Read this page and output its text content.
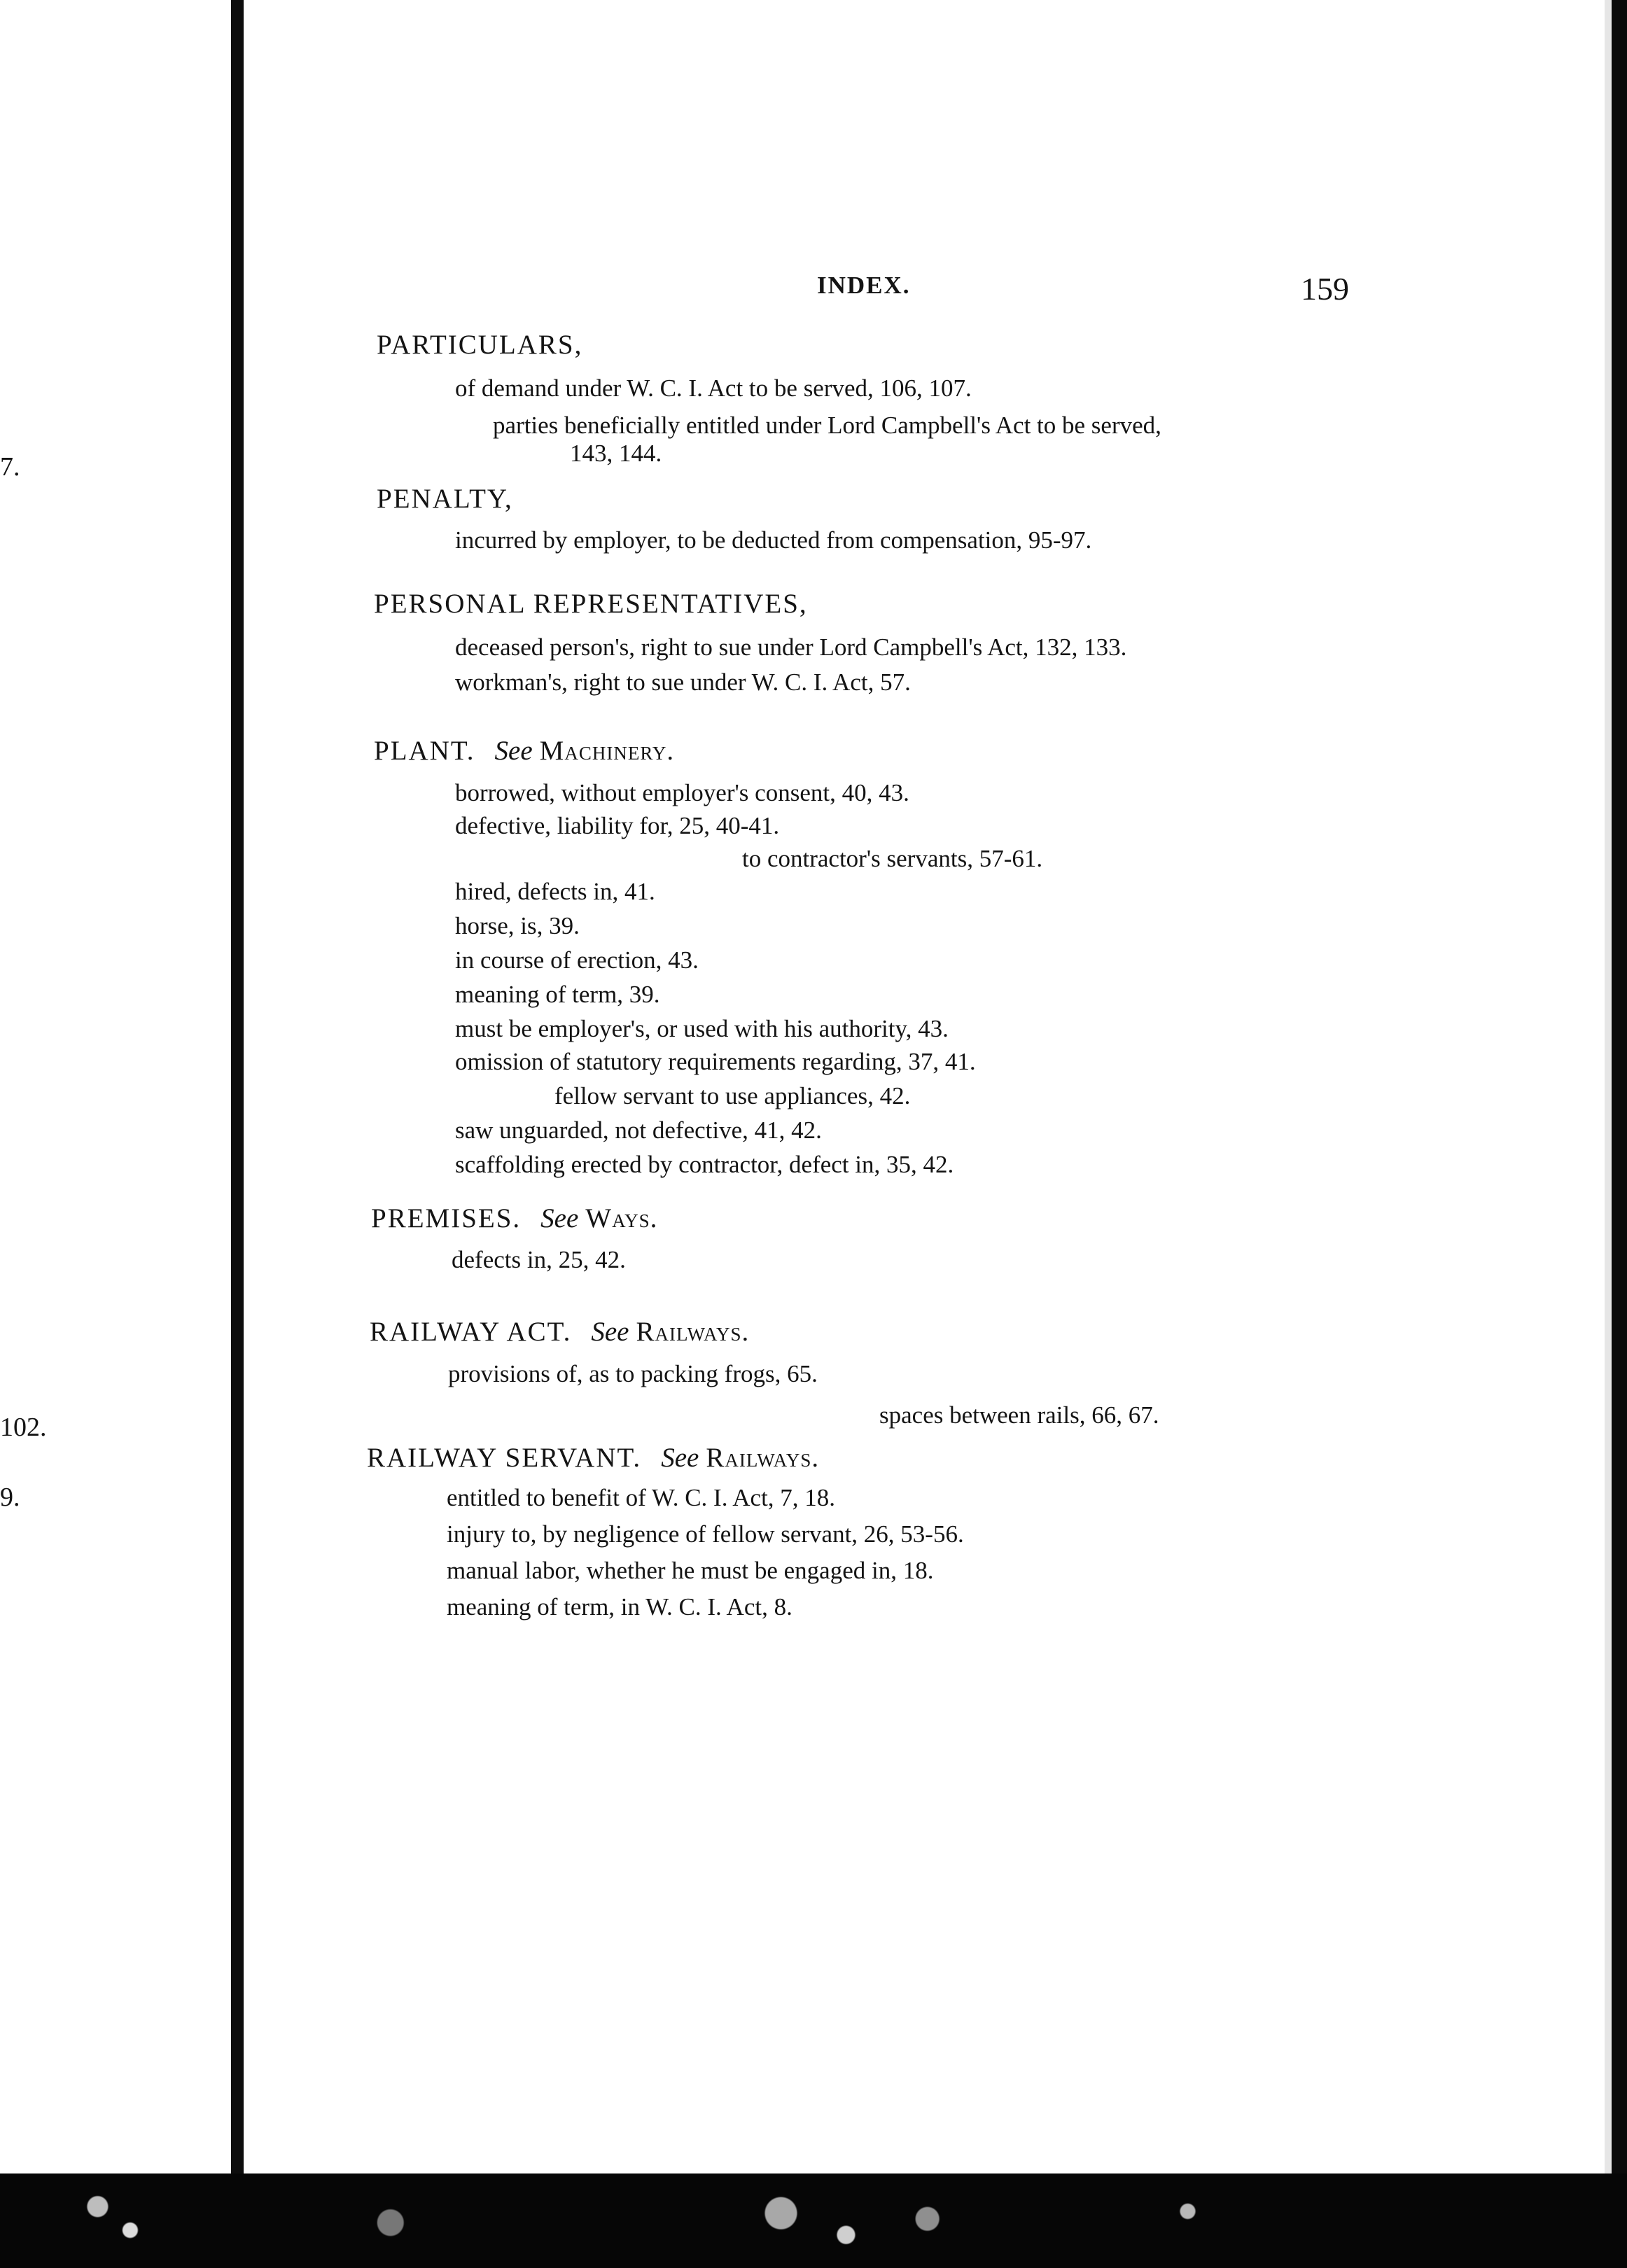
7.
102.
9.
INDEX.	159
PARTICULARS,
of demand under W. C. I. Act to be served, 106, 107.
parties beneficially entitled under Lord Campbell's Act to be served,
143, 144.
PENALTY,
incurred by employer, to be deducted from compensation, 95-97.
PERSONAL REPRESENTATIVES,
deceased person's, right to sue under Lord Campbell's Act, 132, 133.
workman's, right to sue under W. C. I. Act, 57.
PLANT. See Machinery.
borrowed, without employer's consent, 40, 43.
defective, liability for, 25, 40-41.
to contractor's servants, 57-61.
hired, defects in, 41.
horse, is, 39.
in course of erection, 43.
meaning of term, 39.
must be employer's, or used with his authority, 43.
omission of statutory requirements regarding, 37, 41.
fellow servant to use appliances, 42.
saw unguarded, not defective, 41, 42.
scaffolding erected by contractor, defect in, 35, 42.
PREMISES. See Ways.
defects in, 25, 42.
RAILWAY ACT. See Railways.
provisions of, as to packing frogs, 65.
spaces between rails, 66, 67.
RAILWAY SERVANT. See Railways.
entitled to benefit of W. C. I. Act, 7, 18.
injury to, by negligence of fellow servant, 26, 53-56.
manual labor, whether he must be engaged in, 18.
meaning of term, in W. C. I. Act, 8.
